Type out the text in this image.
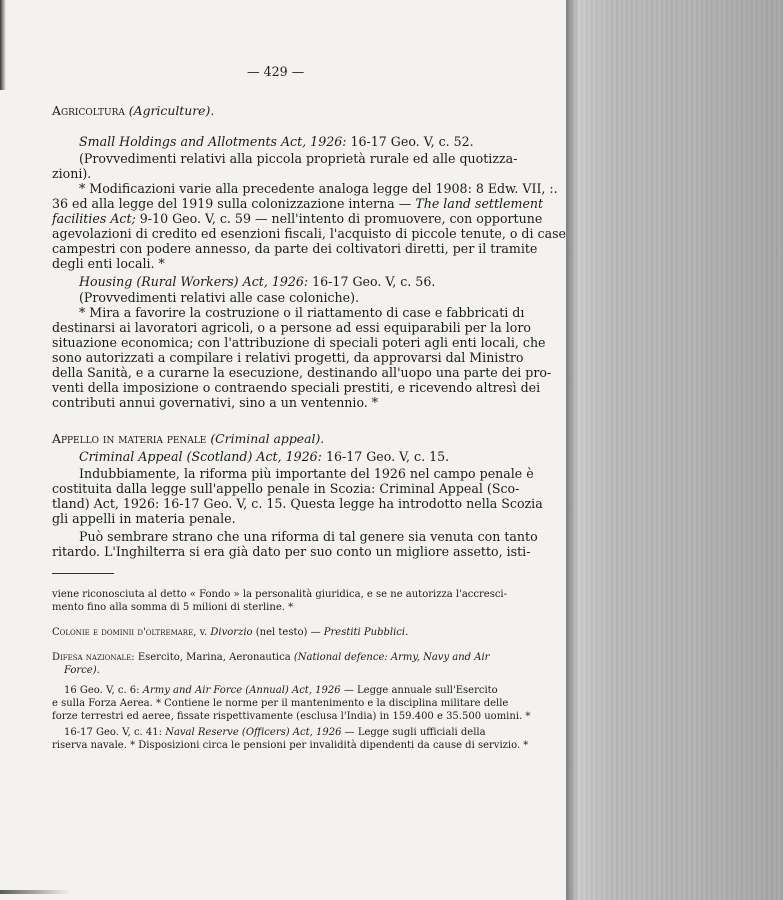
— 429 —
Agricoltura (Agriculture).
Small Holdings and Allotments Act, 1926: 16-17 Geo. V, c. 52.
(Provvedimenti relativi alla piccola proprietà rurale ed alle quotizza-
zioni).
* Modificazioni varie alla precedente analoga legge del 1908: 8 Edw. VII, :.
36 ed alla legge del 1919 sulla colonizzazione interna — The land settlement
facilities Act; 9-10 Geo. V, c. 59 — nell'intento di promuovere, con opportune
agevolazioni di credito ed esenzioni fiscali, l'acquisto di piccole tenute, o di case
campestri con podere annesso, da parte dei coltivatori diretti, per il tramite
degli enti locali. *
Housing (Rural Workers) Act, 1926: 16-17 Geo. V, c. 56.
(Provvedimenti relativi alle case coloniche).
* Mira a favorire la costruzione o il riattamento di case e fabbricati dı
destinarsi ai lavoratori agricoli, o a persone ad essi equiparabili per la loro
situazione economica; con l'attribuzione di speciali poteri agli enti locali, che
sono autorizzati a compilare i relativi progetti, da approvarsi dal Ministro
della Sanità, e a curarne la esecuzione, destinando all'uopo una parte dei pro-
venti della imposizione o contraendo speciali prestiti, e ricevendo altresì dei
contributi annui governativi, sino a un ventennio. *
Appello in materia penale (Criminal appeal).
Criminal Appeal (Scotland) Act, 1926: 16-17 Geo. V, c. 15.
Indubbiamente, la riforma più importante del 1926 nel campo penale è
costituita dalla legge sull'appello penale in Scozia: Criminal Appeal (Sco-
tland) Act, 1926: 16-17 Geo. V, c. 15. Questa legge ha introdotto nella Scozia
gli appelli in materia penale.
Può sembrare strano che una riforma di tal genere sia venuta con tanto
ritardo. L'Inghilterra si era già dato per suo conto un migliore assetto, isti-
viene riconosciuta al detto « Fondo » la personalità giuridica, e se ne autorizza l'accresci-
mento fino alla somma di 5 milioni di sterline. *
Colonie e dominii d'oltremare, v. Divorzio (nel testo) — Prestiti Pubblici.
Difesa nazionale: Esercito, Marina, Aeronautica (National defence: Army, Navy and Air
Force).
16 Geo. V, c. 6: Army and Air Force (Annual) Act, 1926 — Legge annuale sull'Esercito
e sulla Forza Aerea. * Contiene le norme per il mantenimento e la disciplina militare delle
forze terrestri ed aeree, fissate rispettivamente (esclusa l'India) in 159.400 e 35.500 uomini. *
16-17 Geo. V, c. 41: Naval Reserve (Officers) Act, 1926 — Legge sugli ufficiali della
riserva navale. * Disposizioni circa le pensioni per invalidità dipendenti da cause di servizio. *
